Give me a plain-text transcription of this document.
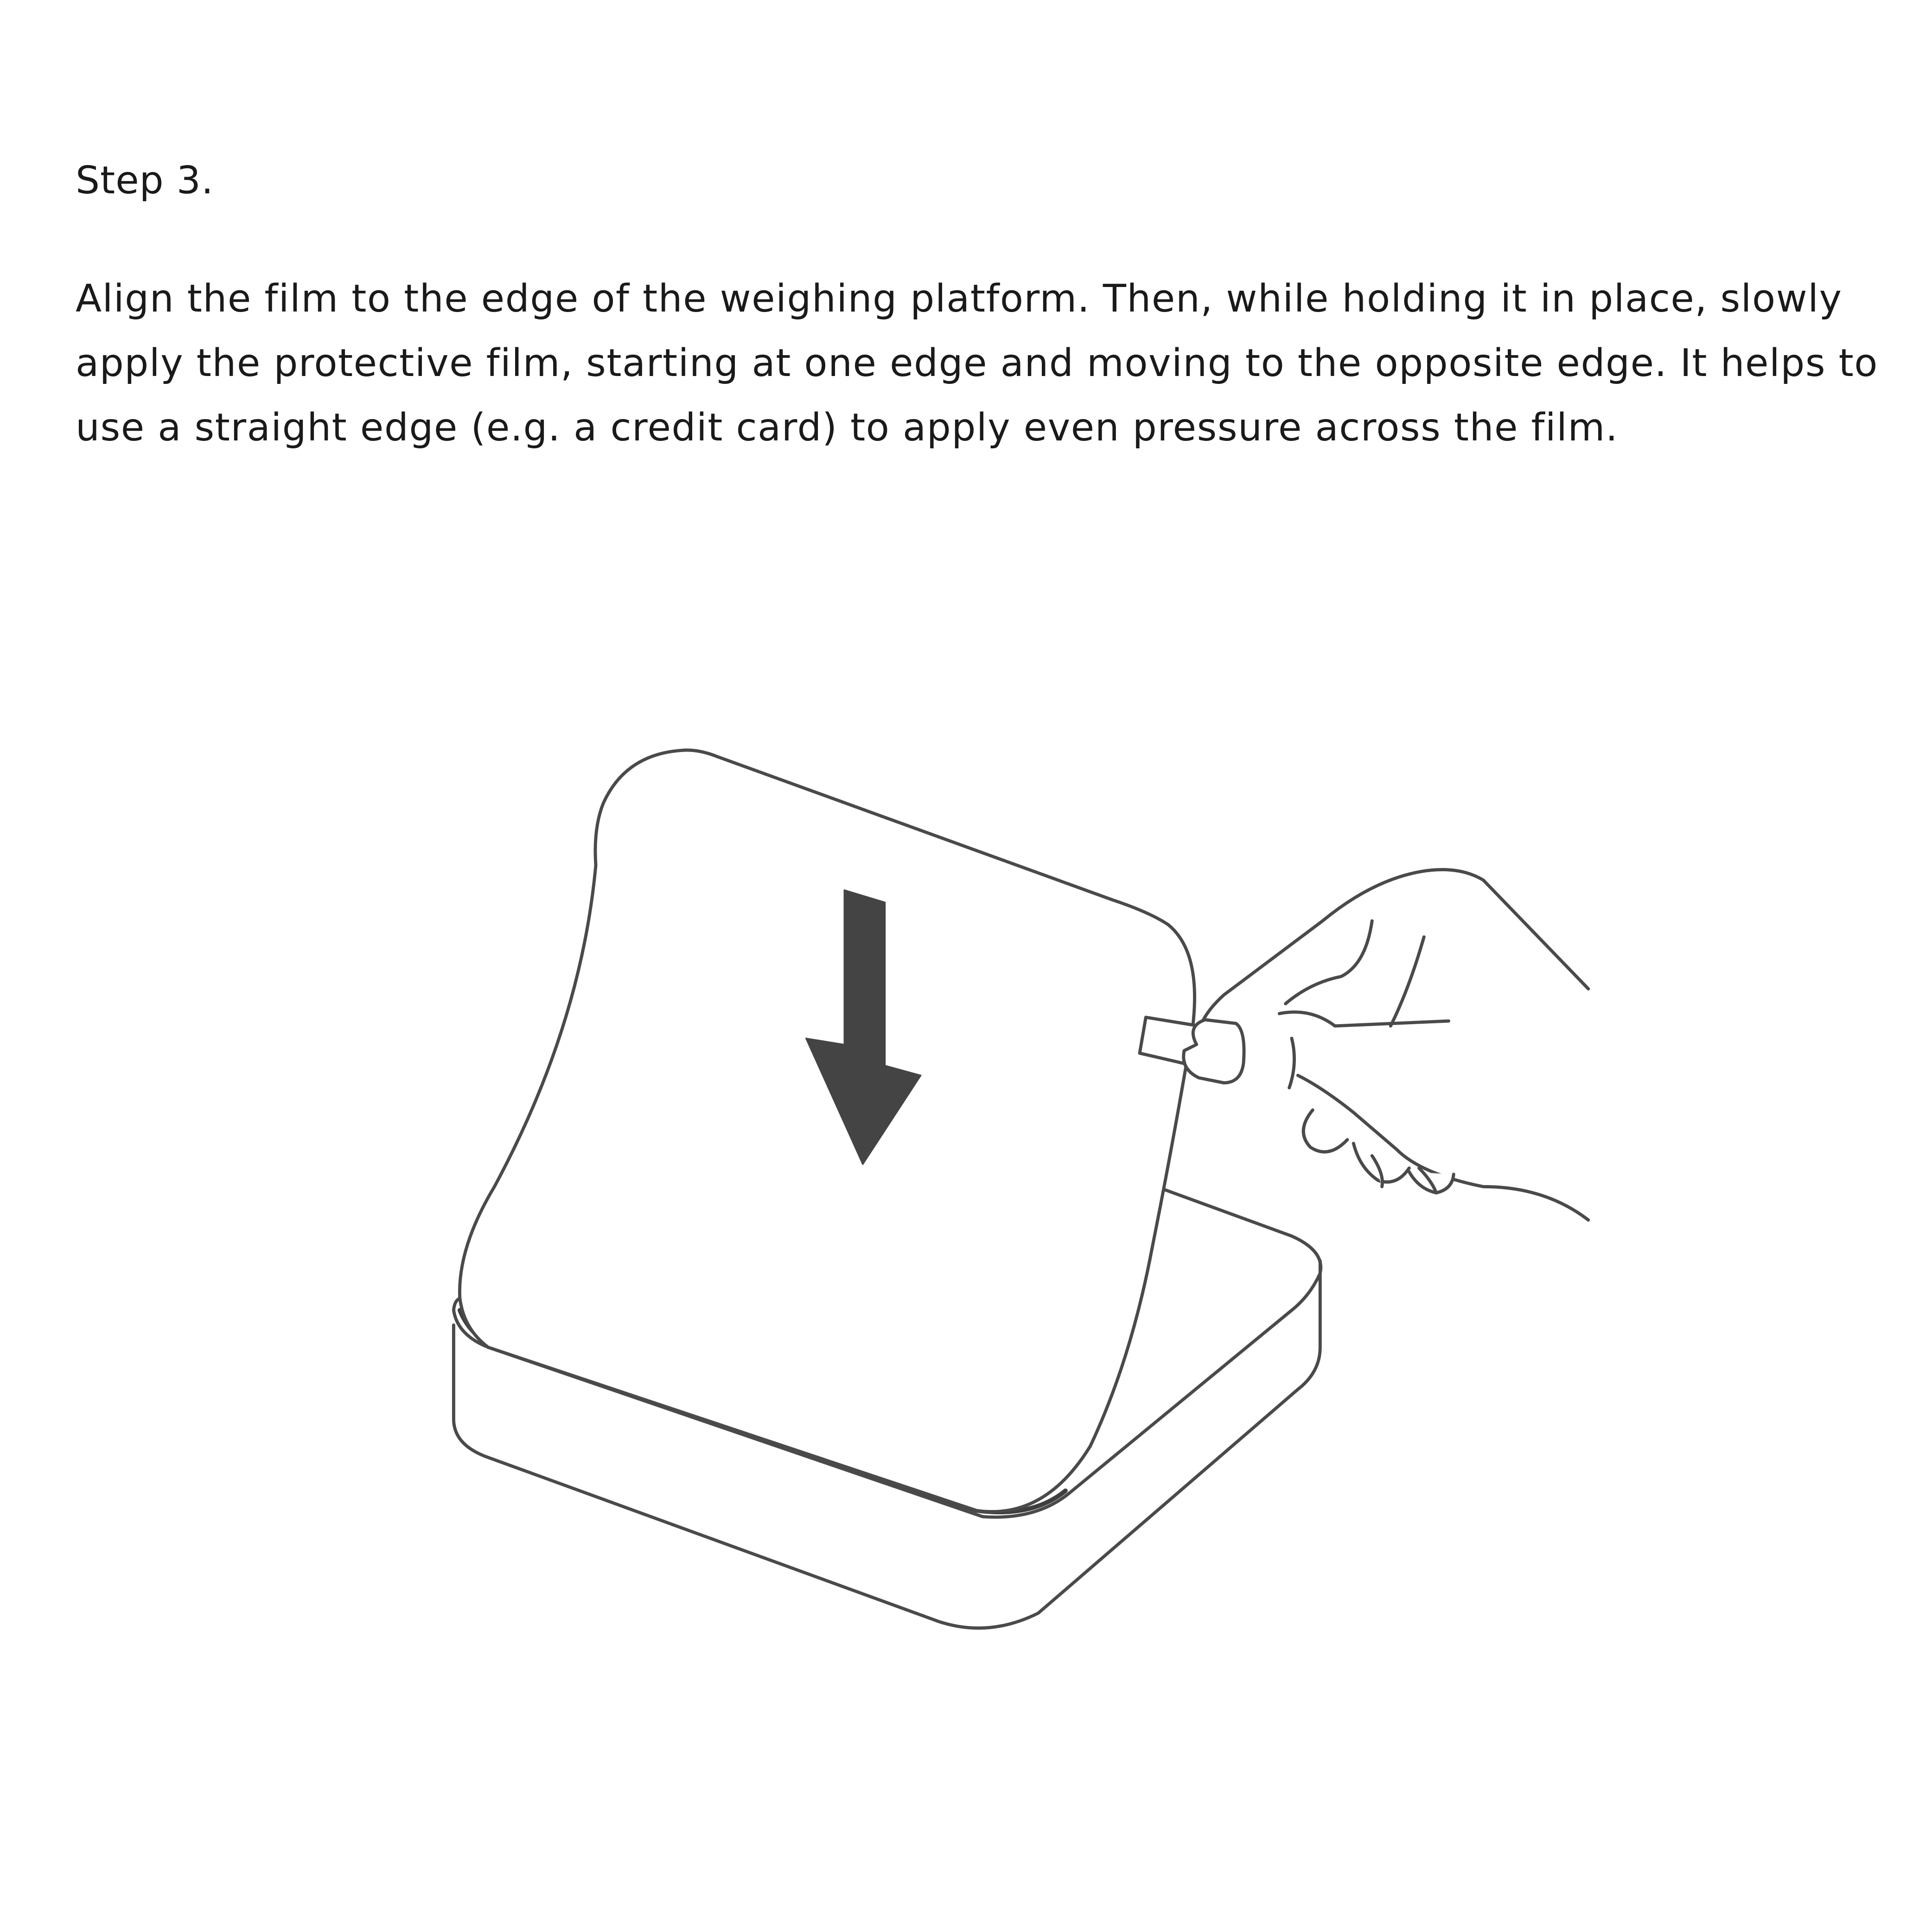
Step 3.

Align the film to the edge of the weighing platform. Then, while holding it in place, slowly
apply the protective film, starting at one edge and moving to the opposite edge. It helps to
use a straight edge (e.g. a credit card) to apply even pressure across the film.
